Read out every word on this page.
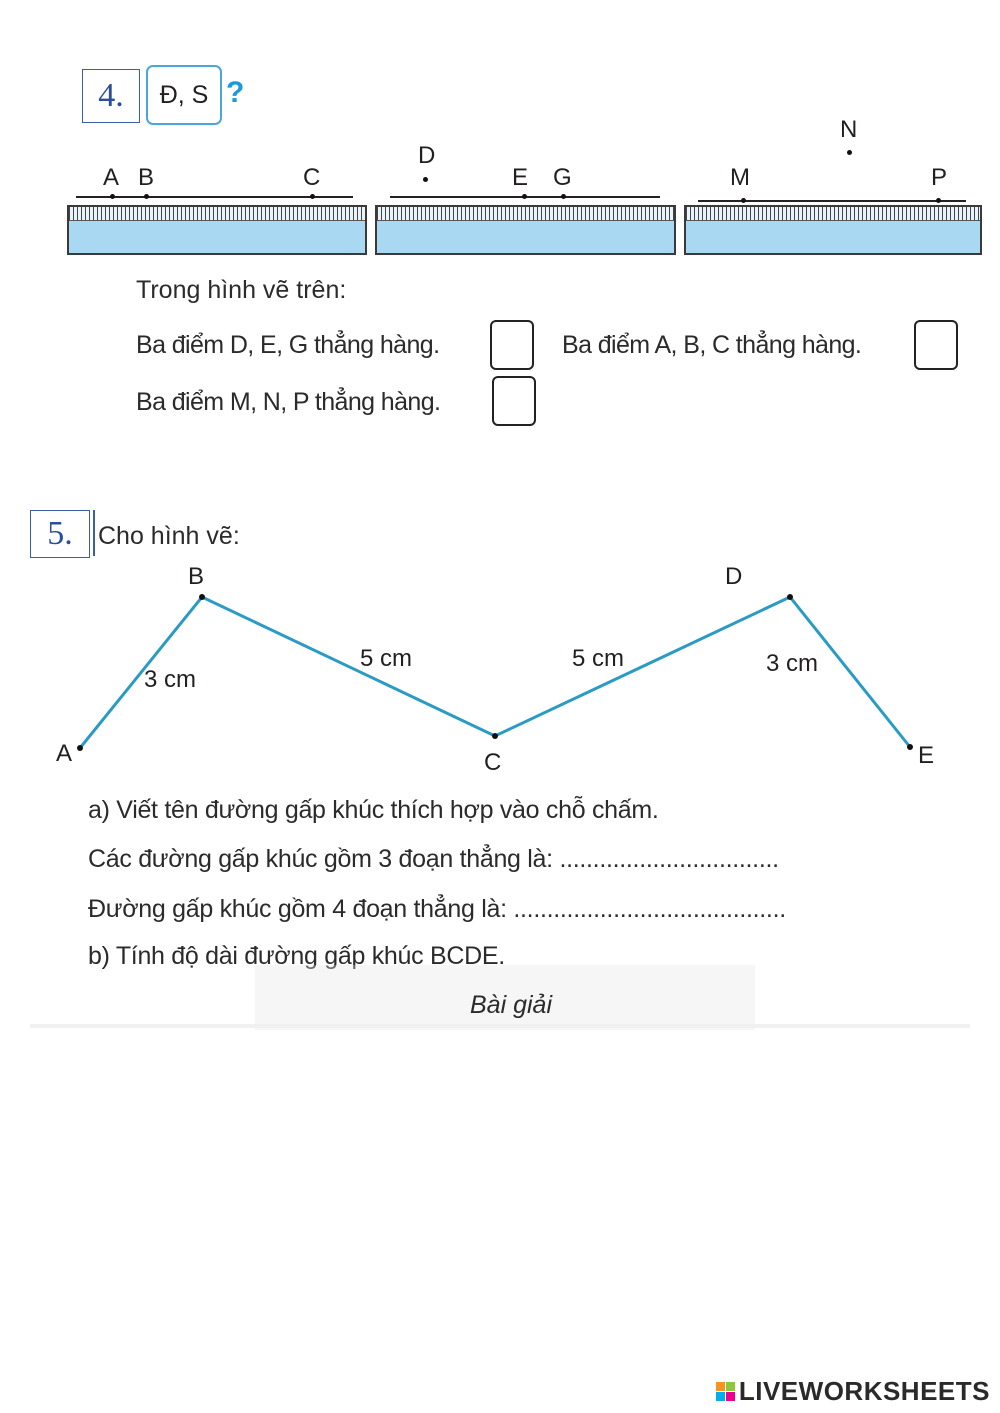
4.	Đ, S ?
A B	C
D
E G	M
N
P
Trong hình vẽ trên:
Ba điểm D, E, G thẳng hàng.	Ba điểm A, B, C thẳng hàng.
Ba điểm M, N, P thẳng hàng.
5.	Cho hình vẽ:
A
B
C
D
E
3 cm
5 cm	5 cm	3 cm
a) Viết tên đường gấp khúc thích hợp vào chỗ chấm.
Các đường gấp khúc gồm 3 đoạn thẳng là: .................................
Đường gấp khúc gồm 4 đoạn thẳng là: .........................................
b) Tính độ dài đường gấp khúc BCDE.
Bài giải
LIVEWORKSHEETS
